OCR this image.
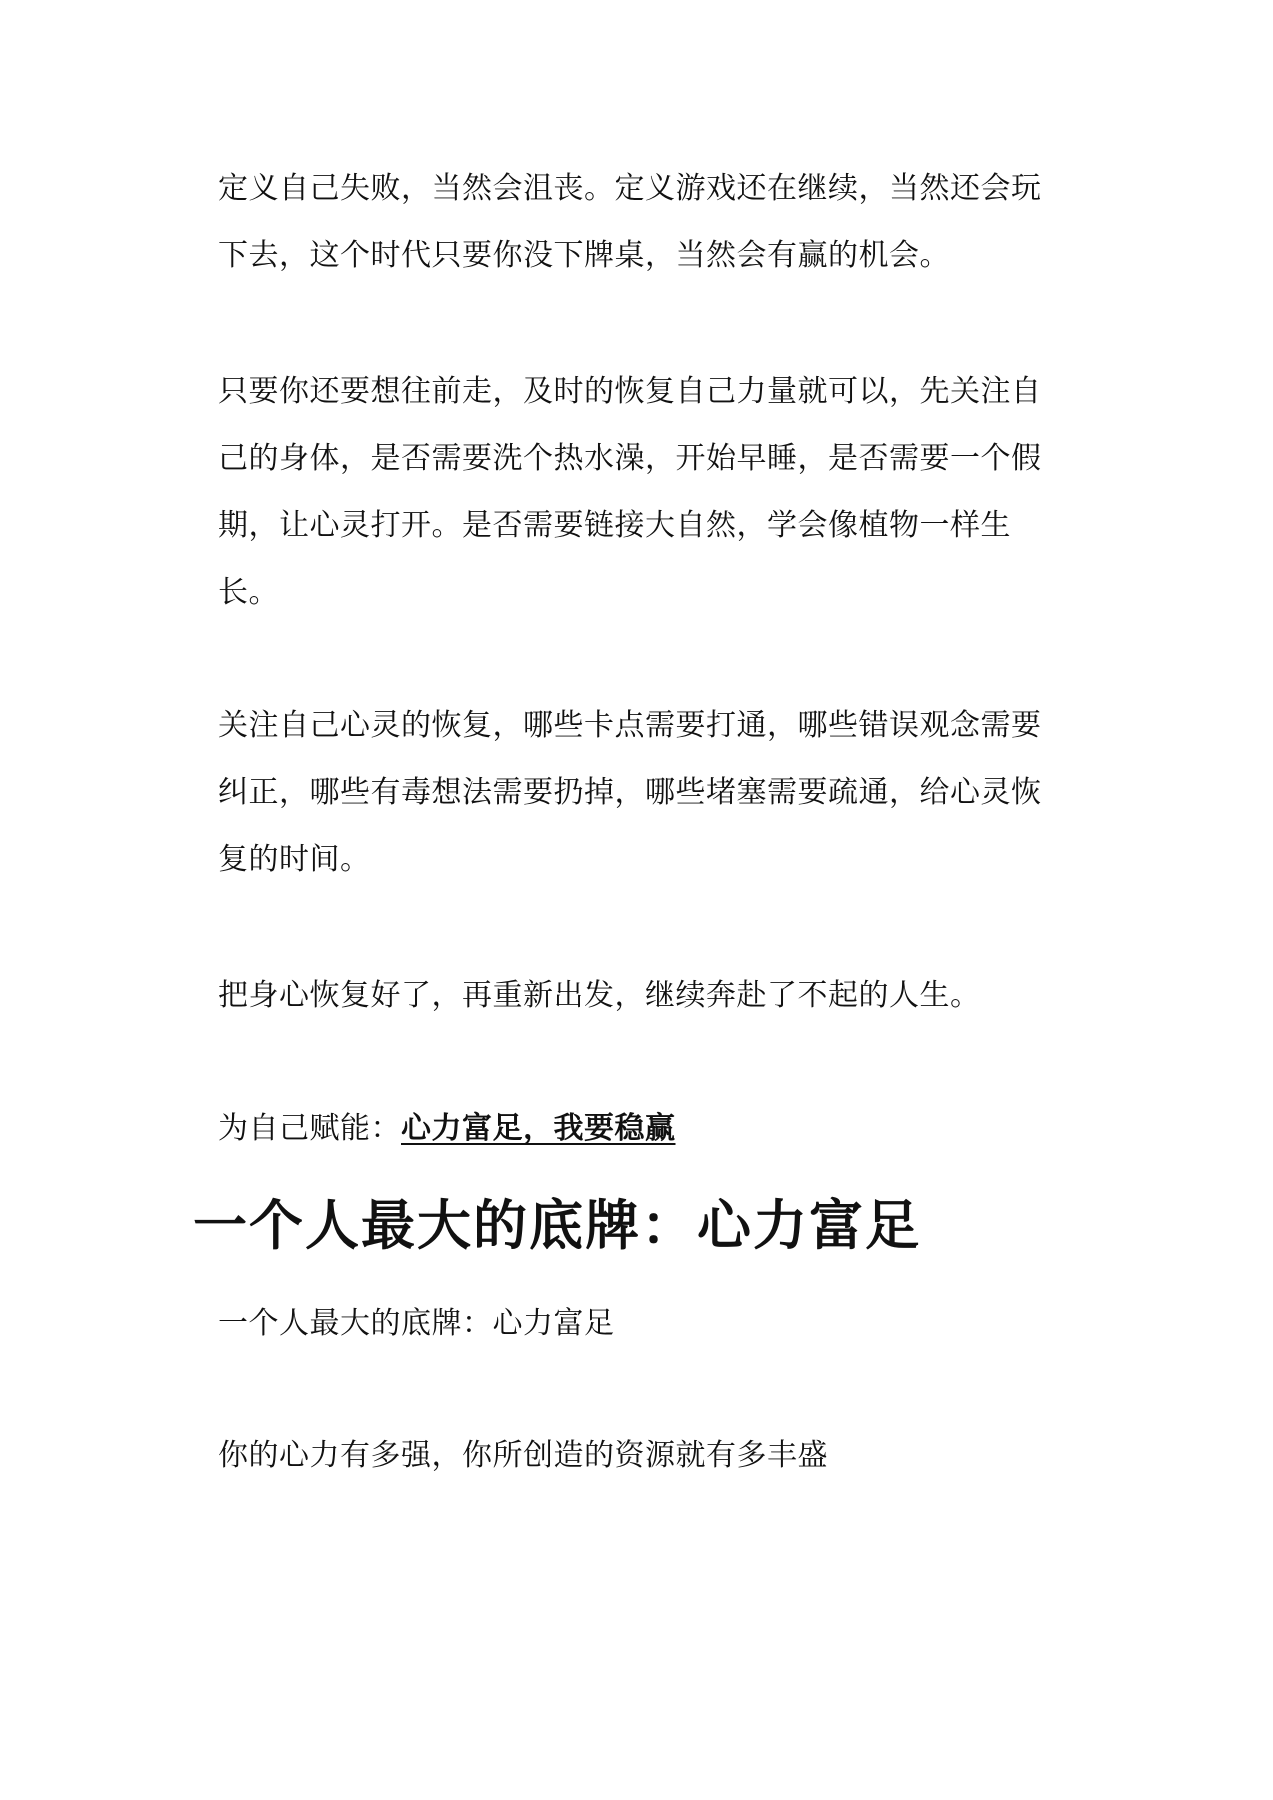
定义自己失败，当然会沮丧。定义游戏还在继续，当然还会玩下去，这个时代只要你没下牌桌，当然会有赢的机会。

只要你还要想往前走，及时的恢复自己力量就可以，先关注自己的身体，是否需要洗个热水澡，开始早睡，是否需要一个假期，让心灵打开。是否需要链接大自然，学会像植物一样生长。

关注自己心灵的恢复，哪些卡点需要打通，哪些错误观念需要纠正，哪些有毒想法需要扔掉，哪些堵塞需要疏通，给心灵恢复的时间。

把身心恢复好了，再重新出发，继续奔赴了不起的人生。

为自己赋能：心力富足，我要稳赢

一个人最大的底牌：心力富足

一个人最大的底牌：心力富足

你的心力有多强，你所创造的资源就有多丰盛
